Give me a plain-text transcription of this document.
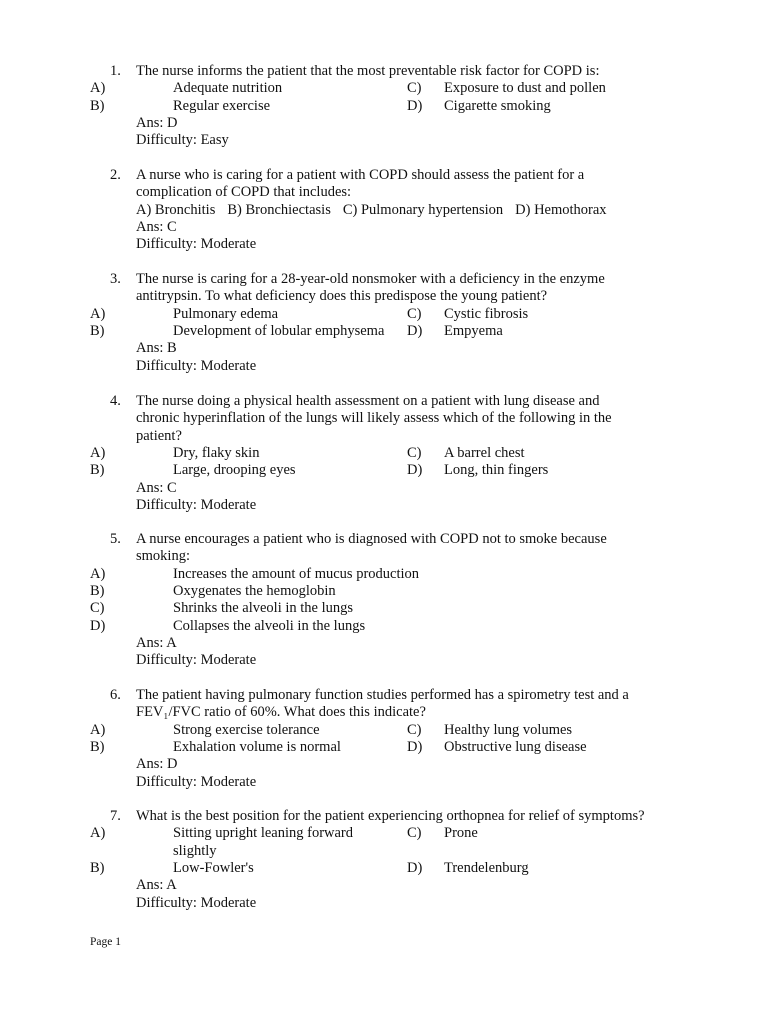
1. The nurse informs the patient that the most preventable risk factor for COPD is:
A)	Adequate nutrition	C) Exposure to dust and pollen
B)	Regular exercise	D) Cigarette smoking
Ans: D
Difficulty: Easy
2. A nurse who is caring for a patient with COPD should assess the patient for a
complication of COPD that includes:
A) Bronchitis B) Bronchiectasis C) Pulmonary hypertension D) Hemothorax
Ans: C
Difficulty: Moderate
3. The nurse is caring for a 28-year-old nonsmoker with a deficiency in the enzyme
antitrypsin. To what deficiency does this predispose the young patient?
A)	Pulmonary edema	C) Cystic fibrosis
B)	Development of lobular emphysema D) Empyema
Ans: B
Difficulty: Moderate
4. The nurse doing a physical health assessment on a patient with lung disease and
chronic hyperinflation of the lungs will likely assess which of the following in the
patient?
A)	Dry, flaky skin	C) A barrel chest
B)	Large, drooping eyes	D) Long, thin fingers
Ans: C
Difficulty: Moderate
5. A nurse encourages a patient who is diagnosed with COPD not to smoke because
smoking:
A)	Increases the amount of mucus production
B)	Oxygenates the hemoglobin
C)	Shrinks the alveoli in the lungs
D)	Collapses the alveoli in the lungs
Ans: A
Difficulty: Moderate
6. The patient having pulmonary function studies performed has a spirometry test and a
FEV₁/FVC ratio of 60%. What does this indicate?
A)	Strong exercise tolerance	C) Healthy lung volumes
B)	Exhalation volume is normal	D) Obstructive lung disease
Ans: D
Difficulty: Moderate
7. What is the best position for the patient experiencing orthopnea for relief of symptoms?
A)	Sitting upright leaning forward	C) Prone
slightly
B)	Low-Fowler's	D) Trendelenburg
Ans: A
Difficulty: Moderate
Page 1
